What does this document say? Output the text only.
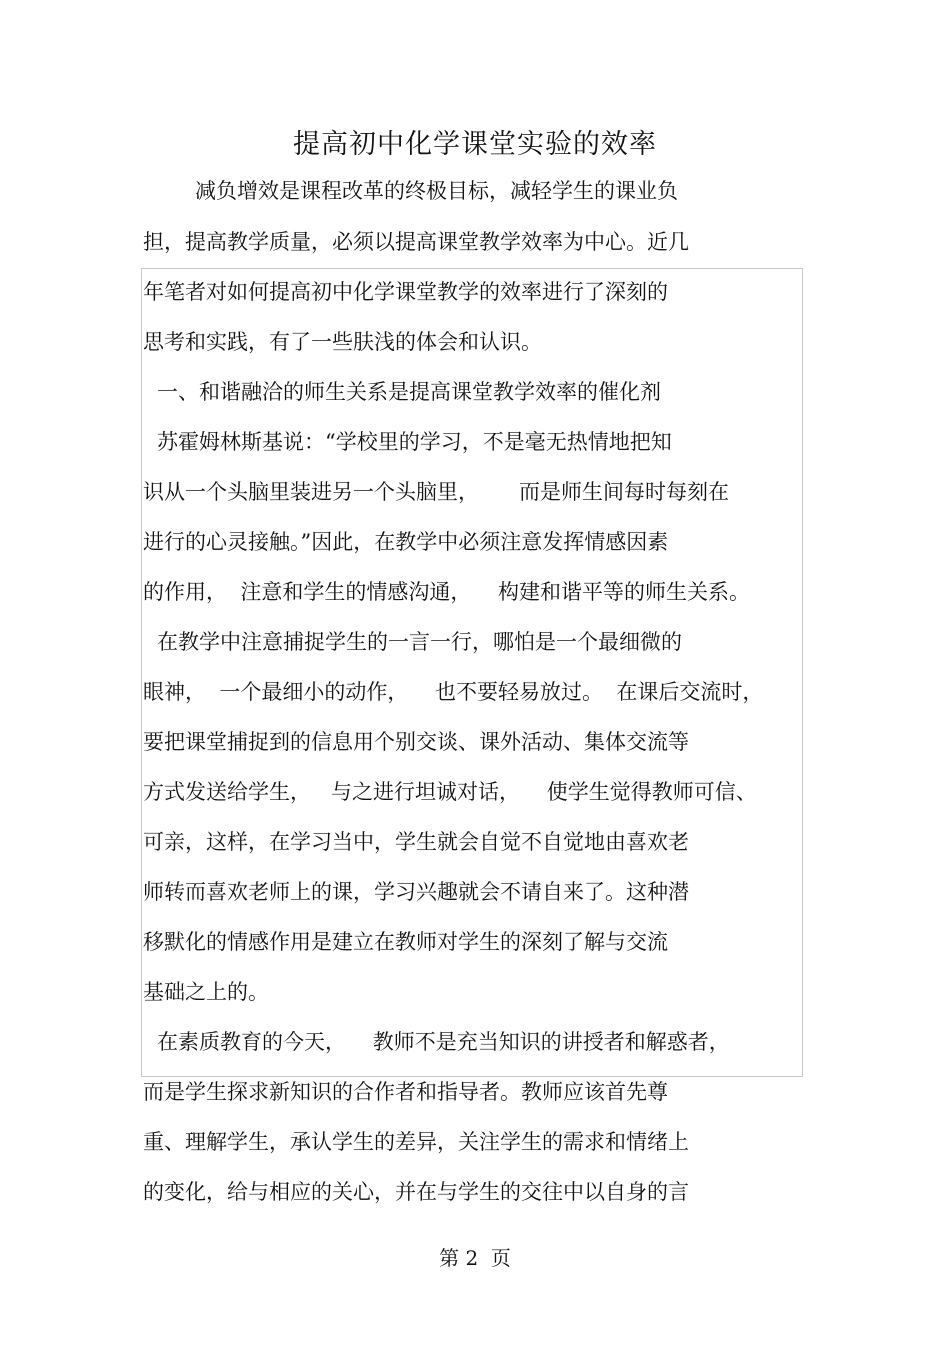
提高初中化学课堂实验的效率
减负增效是课程改革的终极目标，减轻学生的课业负
担，提高教学质量，必须以提高课堂教学效率为中心。近几
年笔者对如何提高初中化学课堂教学的效率进行了深刻的
思考和实践，有了一些肤浅的体会和认识。
一、和谐融洽的师生关系是提高课堂教学效率的催化剂
苏霍姆林斯基说：“学校里的学习，不是毫无热情地把知
识从一个头脑里装进另一个头脑里，      而是师生间每时每刻在
进行的心灵接触。”因此，在教学中必须注意发挥情感因素
的作用，  注意和学生的情感沟通，    构建和谐平等的师生关系。
在教学中注意捕捉学生的一言一行，哪怕是一个最细微的
眼神，  一个最细小的动作，    也不要轻易放过。  在课后交流时，
要把课堂捕捉到的信息用个别交谈、课外活动、集体交流等
方式发送给学生，   与之进行坦诚对话，    使学生觉得教师可信、
可亲，这样，在学习当中，学生就会自觉不自觉地由喜欢老
师转而喜欢老师上的课，学习兴趣就会不请自来了。这种潜
移默化的情感作用是建立在教师对学生的深刻了解与交流
基础之上的。
在素质教育的今天，    教师不是充当知识的讲授者和解惑者，
而是学生探求新知识的合作者和指导者。教师应该首先尊
重、理解学生，承认学生的差异，关注学生的需求和情绪上
的变化，给与相应的关心，并在与学生的交往中以自身的言
第 2  页
